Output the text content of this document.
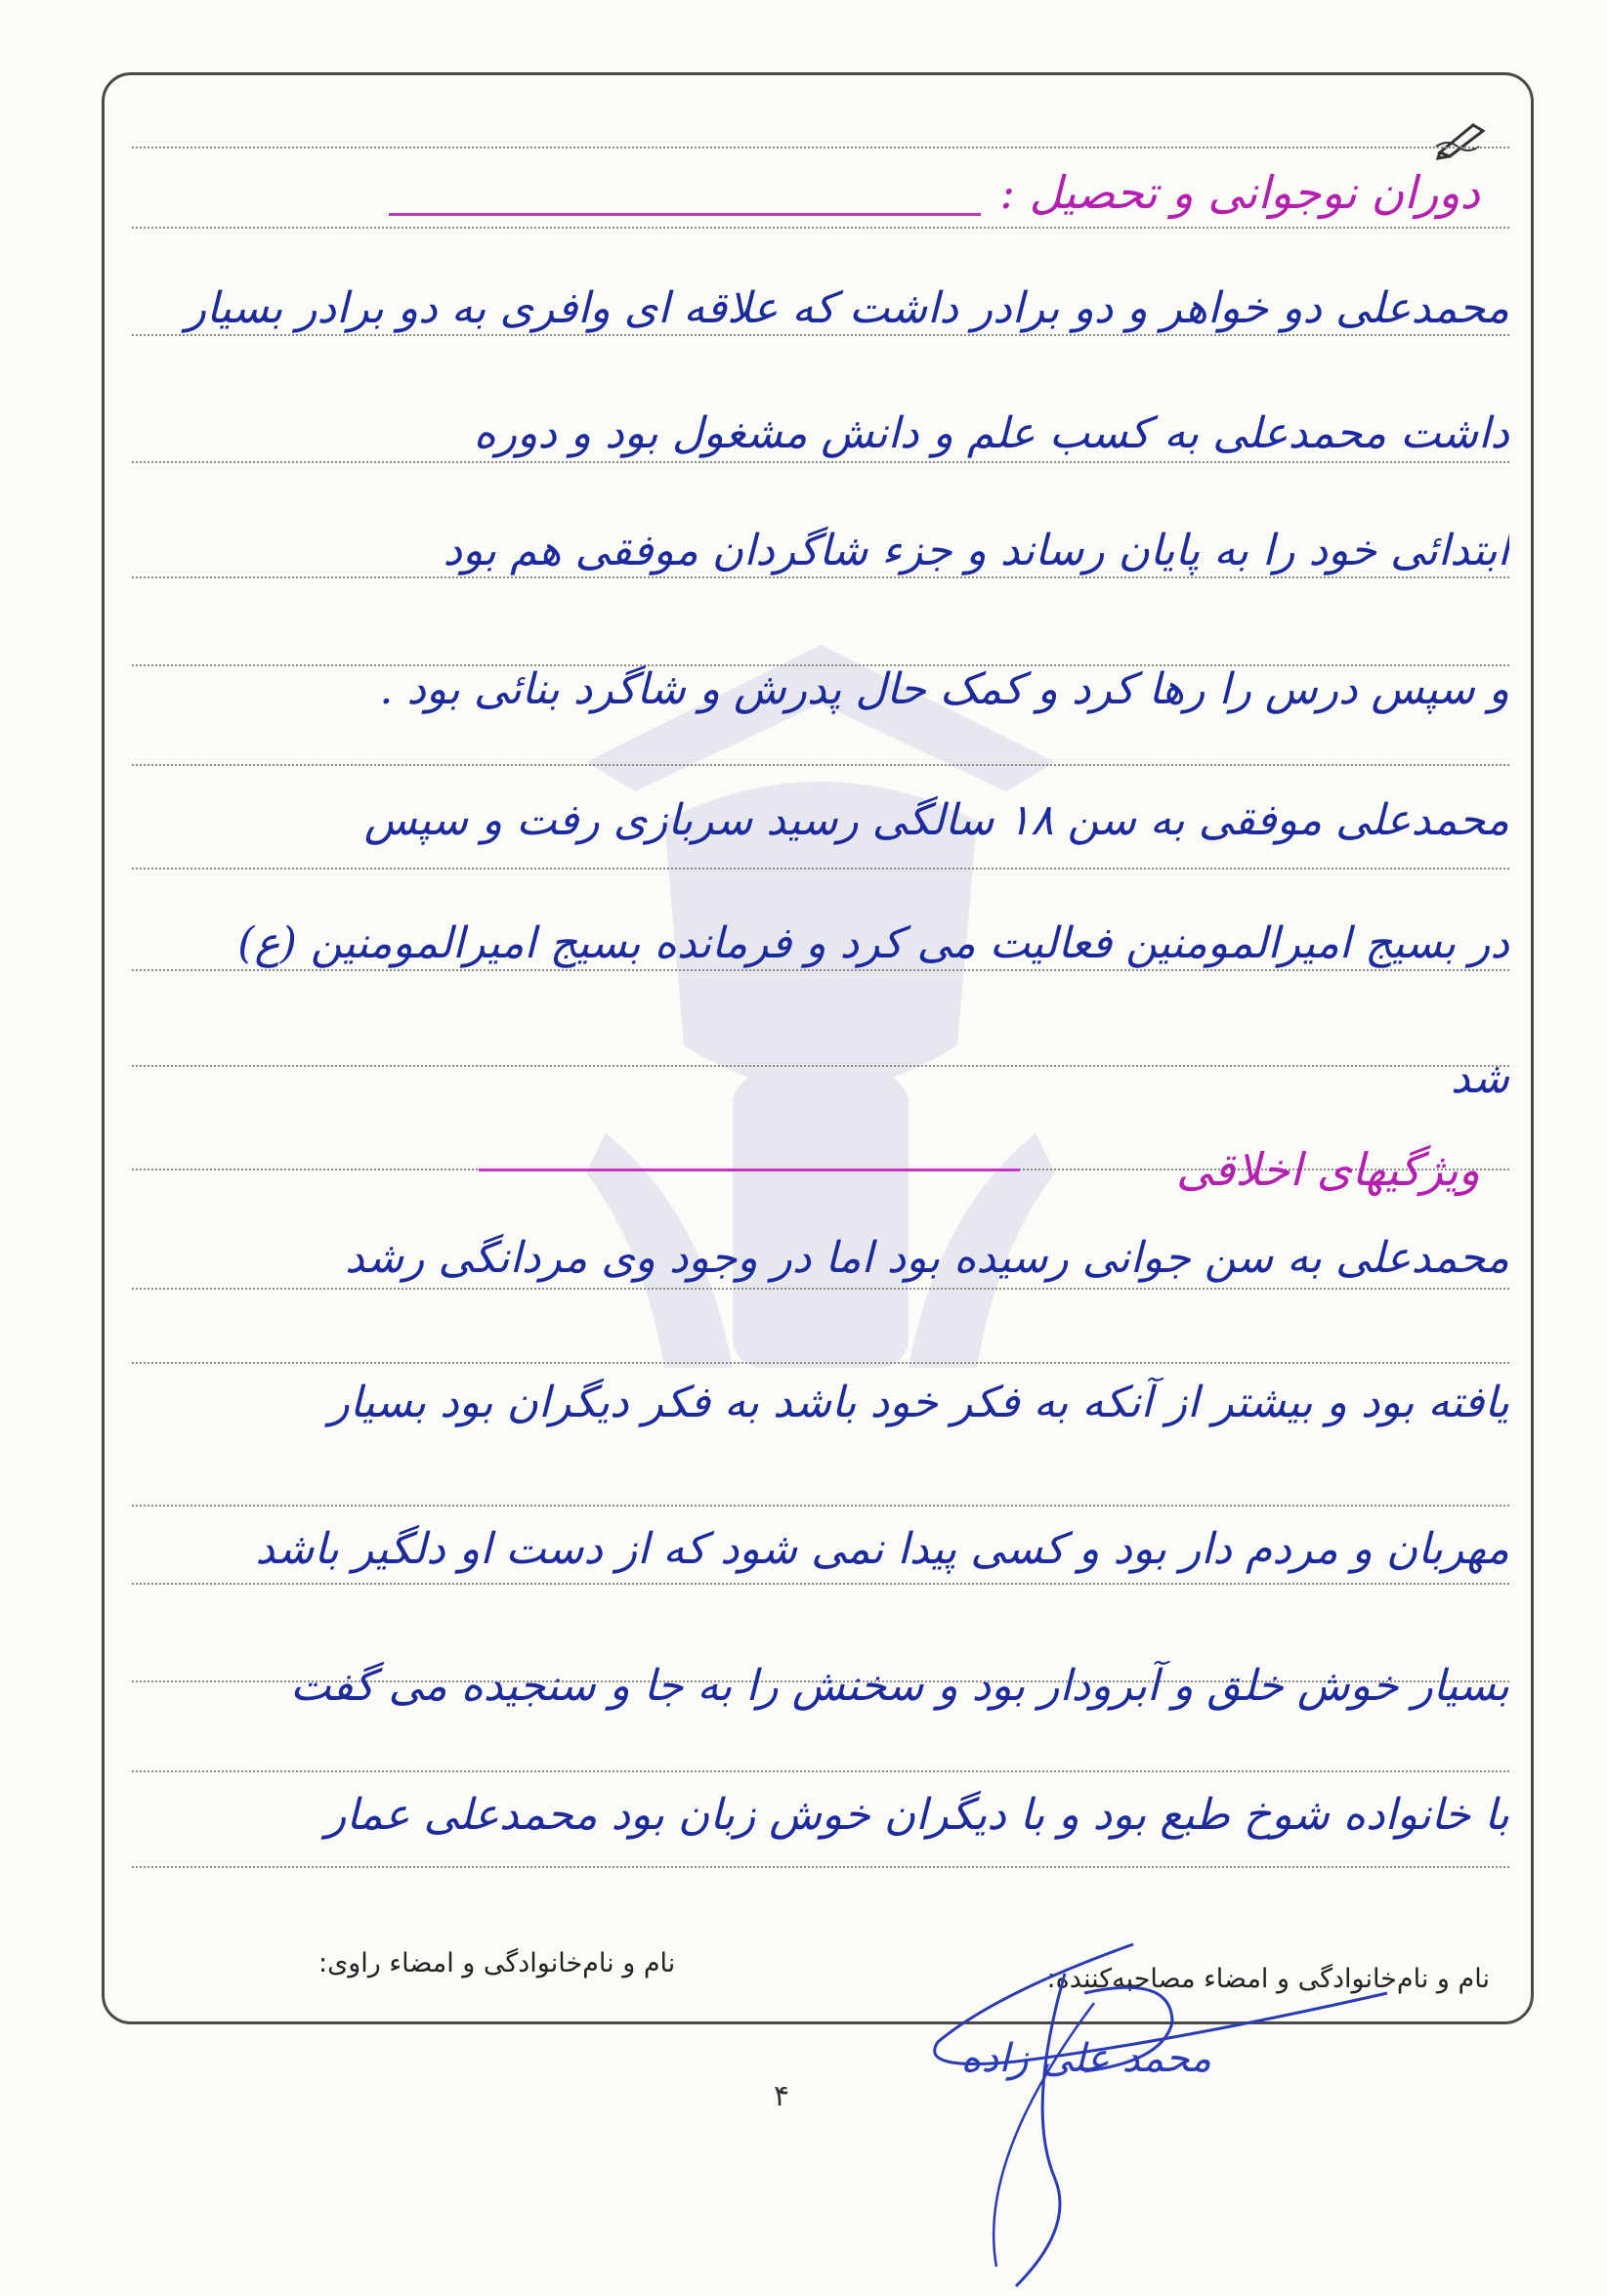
دوران نوجوانی و تحصیل :
محمدعلی دو خواهر و دو برادر داشت که علاقه ای وافری به دو برادر بسیار
داشت محمدعلی به کسب علم و دانش مشغول بود و دوره
ابتدائی خود را به پایان رساند و جزء شاگردان موفقی هم بود
و سپس درس را رها کرد و کمک حال پدرش و شاگرد بنائی بود .
محمدعلی موفقی به سن ۱۸ سالگی رسید سربازی رفت و سپس
در بسیج امیرالمومنین فعالیت می کرد و فرمانده بسیج امیرالمومنین (ع)
شد
ویژگیهای اخلاقی
محمدعلی به سن جوانی رسیده بود اما در وجود وی مردانگی رشد
یافته بود و بیشتر از آنکه به فکر خود باشد به فکر دیگران بود بسیار
مهربان و مردم دار بود و کسی پیدا نمی شود که از دست او دلگیر باشد
بسیار خوش خلق و آبرودار بود و سخنش را به جا و سنجیده می گفت
با خانواده شوخ طبع بود و با دیگران خوش زبان بود محمدعلی عمار
نام و نام‌خانوادگی و امضاء مصاحبه‌کننده:
نام و نام‌خانوادگی و امضاء راوی:
محمد علی زاده
۴
